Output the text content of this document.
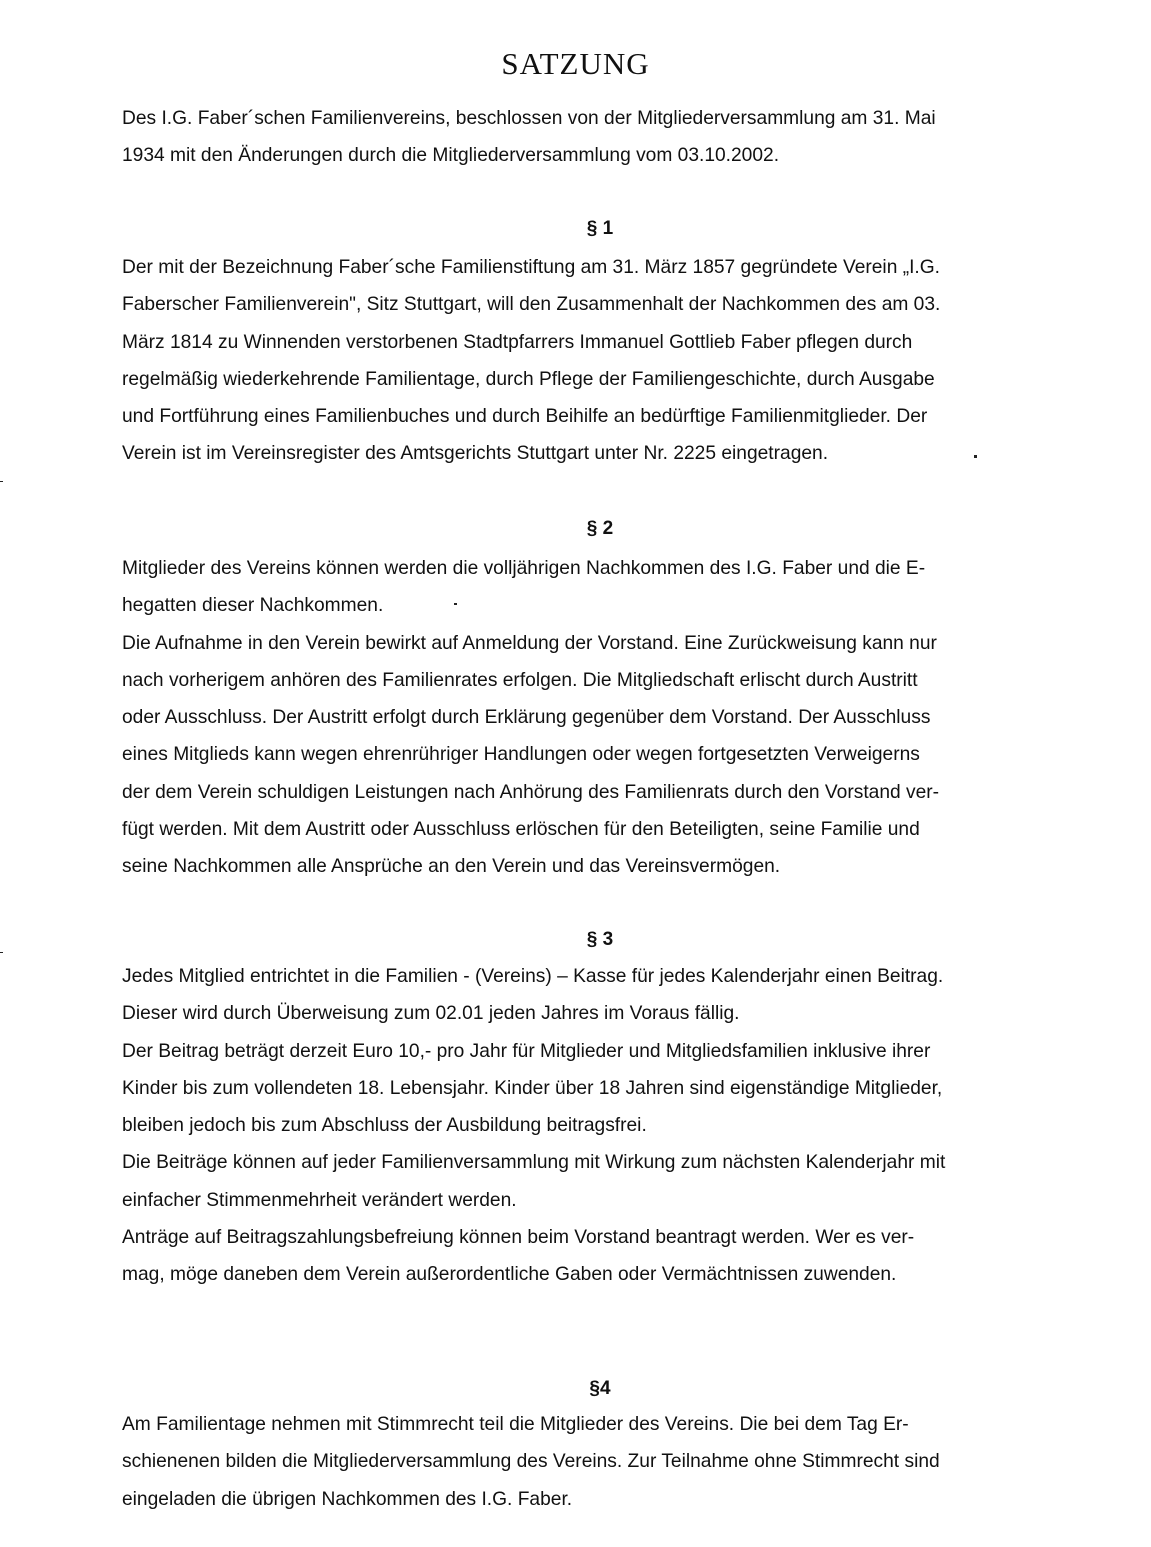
SATZUNG
Des I.G. Faber´schen Familienvereins, beschlossen von der Mitgliederversammlung am 31. Mai
1934 mit den Änderungen durch die Mitgliederversammlung vom 03.10.2002.
§ 1
Der mit der Bezeichnung Faber´sche Familienstiftung am 31. März 1857 gegründete Verein „I.G.
Faberscher Familienverein", Sitz Stuttgart, will den Zusammenhalt der Nachkommen des am 03.
März 1814 zu Winnenden verstorbenen Stadtpfarrers Immanuel Gottlieb Faber pflegen durch
regelmäßig wiederkehrende Familientage, durch Pflege der Familiengeschichte, durch Ausgabe
und Fortführung eines Familienbuches und durch Beihilfe an bedürftige Familienmitglieder. Der
Verein ist im Vereinsregister des Amtsgerichts Stuttgart unter Nr. 2225 eingetragen.
§ 2
Mitglieder des Vereins können werden die volljährigen Nachkommen des I.G. Faber und die E-
hegatten dieser Nachkommen.
Die Aufnahme in den Verein bewirkt auf Anmeldung der Vorstand. Eine Zurückweisung kann nur
nach vorherigem anhören des Familienrates erfolgen. Die Mitgliedschaft erlischt durch Austritt
oder Ausschluss. Der Austritt erfolgt durch Erklärung gegenüber dem Vorstand. Der Ausschluss
eines Mitglieds kann wegen ehrenrühriger Handlungen oder wegen fortgesetzten Verweigerns
der dem Verein schuldigen Leistungen nach Anhörung des Familienrats durch den Vorstand ver-
fügt werden. Mit dem Austritt oder Ausschluss erlöschen für den Beteiligten, seine Familie und
seine Nachkommen alle Ansprüche an den Verein und das Vereinsvermögen.
§ 3
Jedes Mitglied entrichtet in die Familien - (Vereins) – Kasse für jedes Kalenderjahr einen Beitrag.
Dieser wird durch Überweisung zum 02.01 jeden Jahres im Voraus fällig.
Der Beitrag beträgt derzeit Euro 10,- pro Jahr für Mitglieder und Mitgliedsfamilien inklusive ihrer
Kinder bis zum vollendeten 18. Lebensjahr. Kinder über 18 Jahren sind eigenständige Mitglieder,
bleiben jedoch bis zum Abschluss der Ausbildung beitragsfrei.
Die Beiträge können auf jeder Familienversammlung mit Wirkung zum nächsten Kalenderjahr mit
einfacher Stimmenmehrheit verändert werden.
Anträge auf Beitragszahlungsbefreiung können beim Vorstand beantragt werden. Wer es ver-
mag, möge daneben dem Verein außerordentliche Gaben oder Vermächtnissen zuwenden.
§4
Am Familientage nehmen mit Stimmrecht teil die Mitglieder des Vereins. Die bei dem Tag Er-
schienenen bilden die Mitgliederversammlung des Vereins. Zur Teilnahme ohne Stimmrecht sind
eingeladen die übrigen Nachkommen des I.G. Faber.
